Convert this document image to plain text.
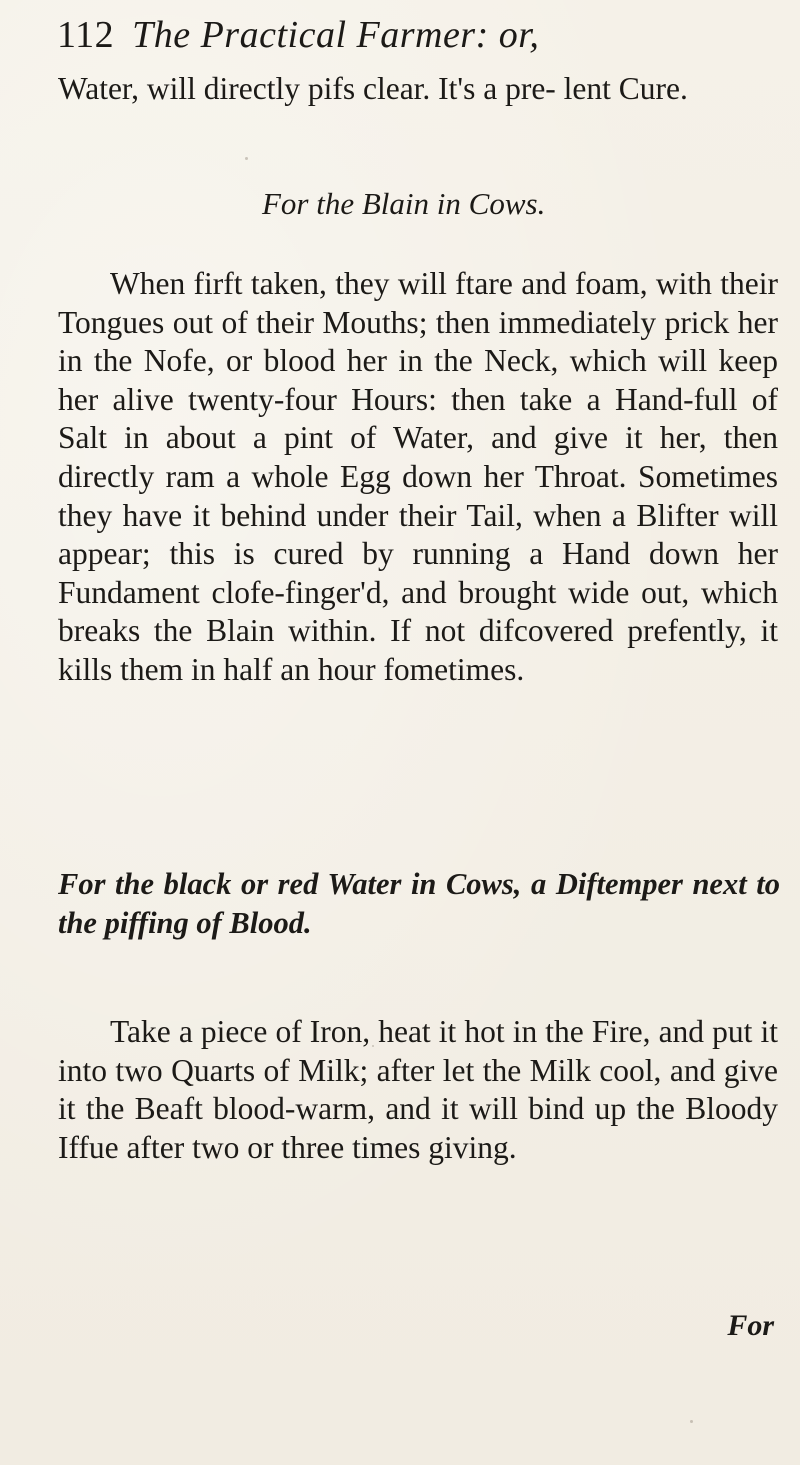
112 The Practical Farmer: or,

Water, will directly pifs clear. It's a pre- lent Cure.

For the Blain in Cows.

When firft taken, they will ftare and foam, with their Tongues out of their Mouths; then immediately prick her in the Nofe, or blood her in the Neck, which will keep her alive twenty-four Hours: then take a Hand-full of Salt in about a pint of Water, and give it her, then directly ram a whole Egg down her Throat. Sometimes they have it behind under their Tail, when a Blifter will appear; this is cured by running a Hand down her Fundament clofe-finger'd, and brought wide out, which breaks the Blain within. If not difcovered prefently, it kills them in half an hour fometimes.

For the black or red Water in Cows, a Diftemper next to the piffing of Blood.

Take a piece of Iron, heat it hot in the Fire, and put it into two Quarts of Milk; after let the Milk cool, and give it the Beaft blood-warm, and it will bind up the Bloody Iffue after two or three times giving.

For
